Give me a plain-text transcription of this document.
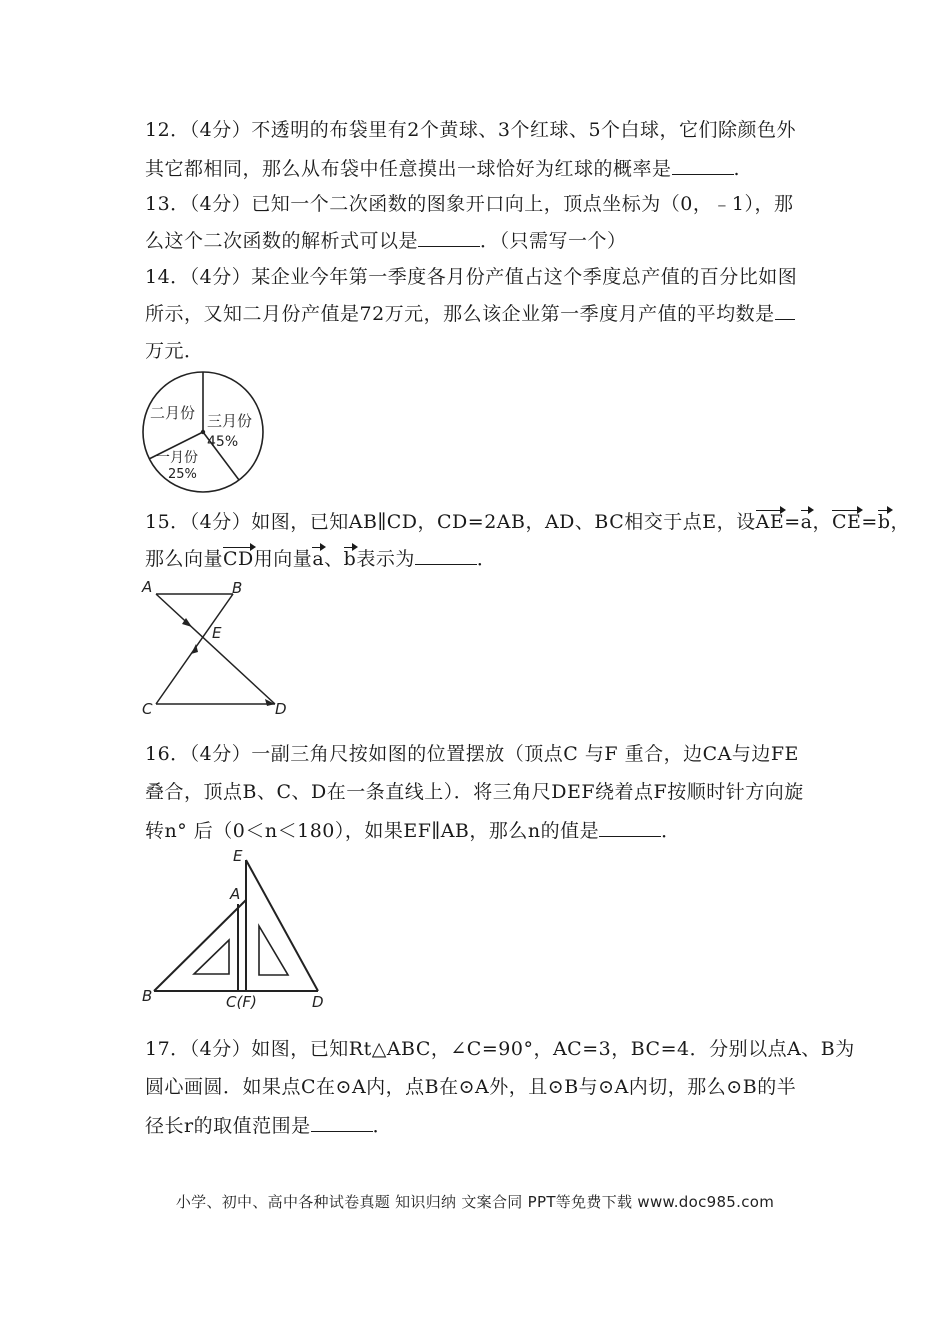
12．（4分）不透明的布袋里有2个黄球、3个红球、5个白球，它们除颜色外
其它都相同，那么从布袋中任意摸出一球恰好为红球的概率是	.
13．（4分）已知一个二次函数的图象开口向上，顶点坐标为（0，﹣1），那
么这个二次函数的解析式可以是	．（只需写一个）
14．（4分）某企业今年第一季度各月份产值占这个季度总产值的百分比如图
所示，又知二月份产值是72万元，那么该企业第一季度月产值的平均数是
万元．
二月份 三月份
45%
一月份
25%
15．（4分）如图，已知AB∥CD，CD=2AB，AD、BC相交于点E，设AE=a，CE=b，
那么向量CD用向量a、b表示为	．
A	B
E
C	D
16．（4分）一副三角尺按如图的位置摆放（顶点C 与F 重合，边CA与边FE
叠合，顶点B、C、D在一条直线上）．将三角尺DEF绕着点F按顺时针方向旋
转n° 后（0＜n＜180），如果EF∥AB，那么n的值是	．
E
A
B	C(F)	D
17．（4分）如图，已知Rt△ABC，∠C=90°，AC=3，BC=4．分别以点A、B为
圆心画圆．如果点C在⊙A内，点B在⊙A外，且⊙B与⊙A内切，那么⊙B的半
径长r的取值范围是	．
小学、初中、高中各种试卷真题 知识归纳 文案合同 PPT等免费下载 www.doc985.com
